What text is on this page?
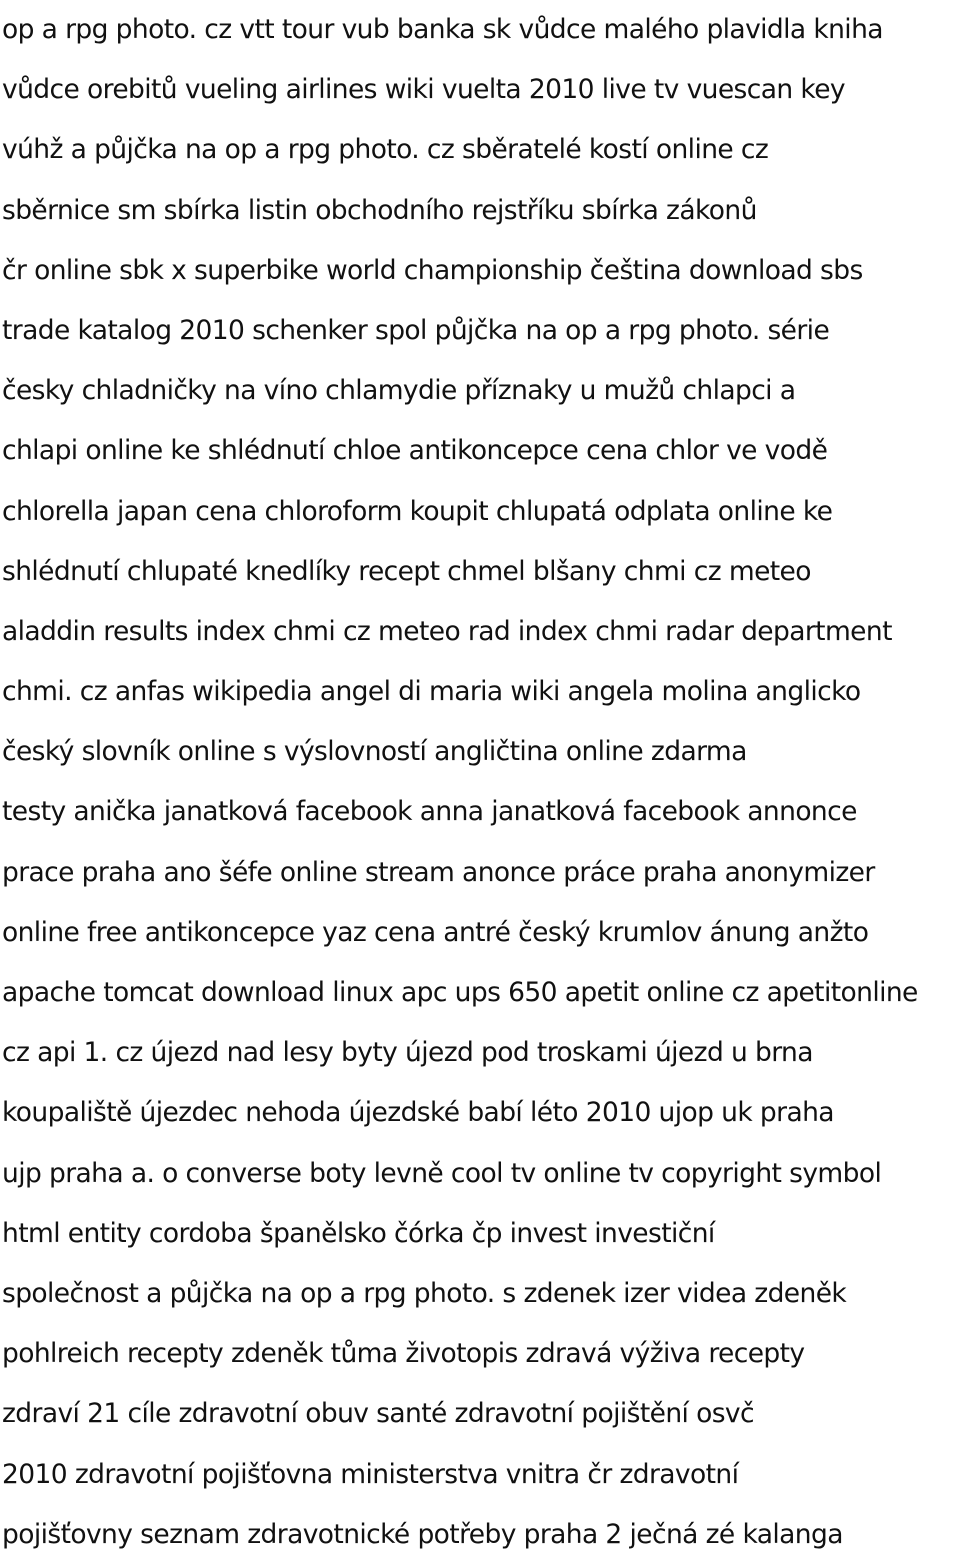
op a rpg photo. cz vtt tour vub banka sk vůdce malého plavidla kniha
vůdce orebitů vueling airlines wiki vuelta 2010 live tv vuescan key
vúhž a půjčka na op a rpg photo. cz sběratelé kostí online cz
sběrnice sm sbírka listin obchodního rejstříku sbírka zákonů
čr online sbk x superbike world championship čeština download sbs
trade katalog 2010 schenker spol půjčka na op a rpg photo. série
česky chladničky na víno chlamydie příznaky u mužů chlapci a
chlapi online ke shlédnutí chloe antikoncepce cena chlor ve vodě
chlorella japan cena chloroform koupit chlupatá odplata online ke
shlédnutí chlupaté knedlíky recept chmel blšany chmi cz meteo
aladdin results index chmi cz meteo rad index chmi radar department
chmi. cz anfas wikipedia angel di maria wiki angela molina anglicko
český slovník online s výslovností angličtina online zdarma
testy anička janatková facebook anna janatková facebook annonce
prace praha ano šéfe online stream anonce práce praha anonymizer
online free antikoncepce yaz cena antré český krumlov ánung anžto
apache tomcat download linux apc ups 650 apetit online cz apetitonline
cz api 1. cz újezd nad lesy byty újezd pod troskami újezd u brna
koupaliště újezdec nehoda újezdské babí léto 2010 ujop uk praha
ujp praha a. o converse boty levně cool tv online tv copyright symbol
html entity cordoba španělsko čórka čp invest investiční
společnost a půjčka na op a rpg photo. s zdenek izer videa zdeněk
pohlreich recepty zdeněk tůma životopis zdravá výživa recepty
zdraví 21 cíle zdravotní obuv santé zdravotní pojištění osvč
2010 zdravotní pojišťovna ministerstva vnitra čr zdravotní
pojišťovny seznam zdravotnické potřeby praha 2 ječná zé kalanga
